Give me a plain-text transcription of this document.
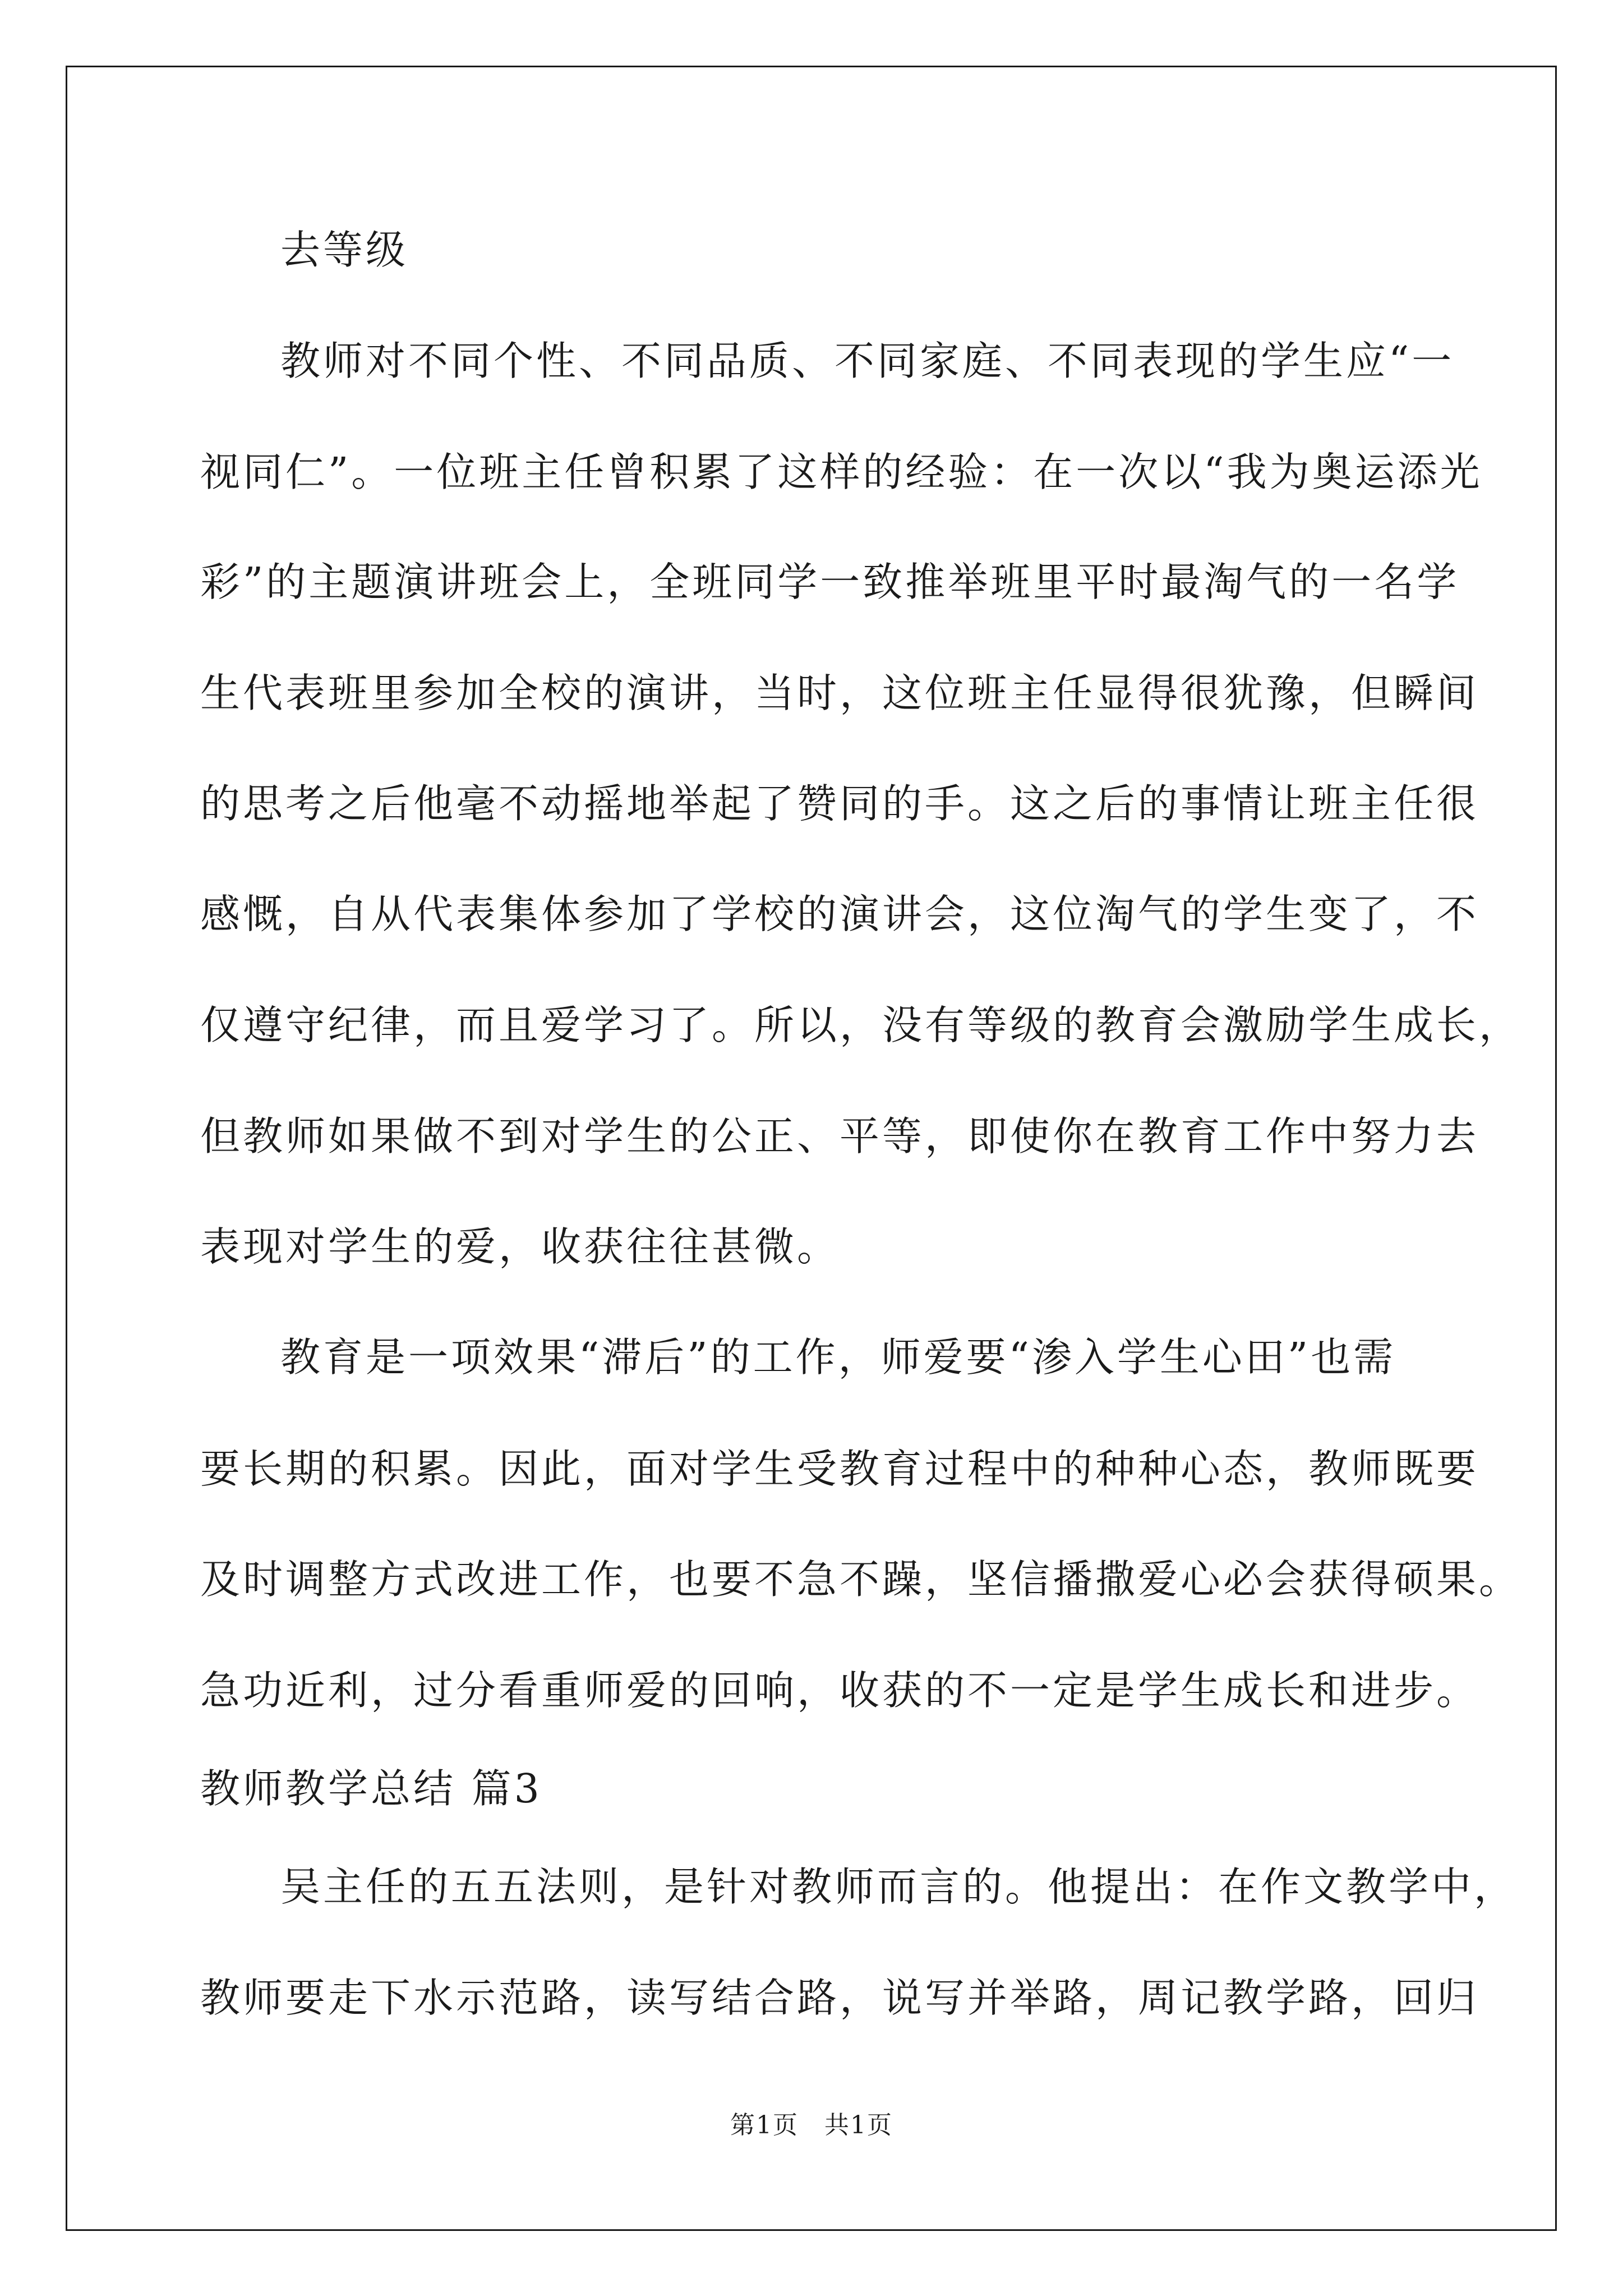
去等级
教师对不同个性、不同品质、不同家庭、不同表现的学生应“一
视同仁”。一位班主任曾积累了这样的经验：在一次以“我为奥运添光
彩”的主题演讲班会上，全班同学一致推举班里平时最淘气的一名学
生代表班里参加全校的演讲，当时，这位班主任显得很犹豫，但瞬间
的思考之后他毫不动摇地举起了赞同的手。这之后的事情让班主任很
感慨，自从代表集体参加了学校的演讲会，这位淘气的学生变了，不
仅遵守纪律，而且爱学习了。所以，没有等级的教育会激励学生成长，
但教师如果做不到对学生的公正、平等，即使你在教育工作中努力去
表现对学生的爱，收获往往甚微。
教育是一项效果“滞后”的工作，师爱要“渗入学生心田”也需
要长期的积累。因此，面对学生受教育过程中的种种心态，教师既要
及时调整方式改进工作，也要不急不躁，坚信播撒爱心必会获得硕果。
急功近利，过分看重师爱的回响，收获的不一定是学生成长和进步。
教师教学总结 篇3
吴主任的五五法则，是针对教师而言的。他提出：在作文教学中，
教师要走下水示范路，读写结合路，说写并举路，周记教学路，回归
第1页　共1页
